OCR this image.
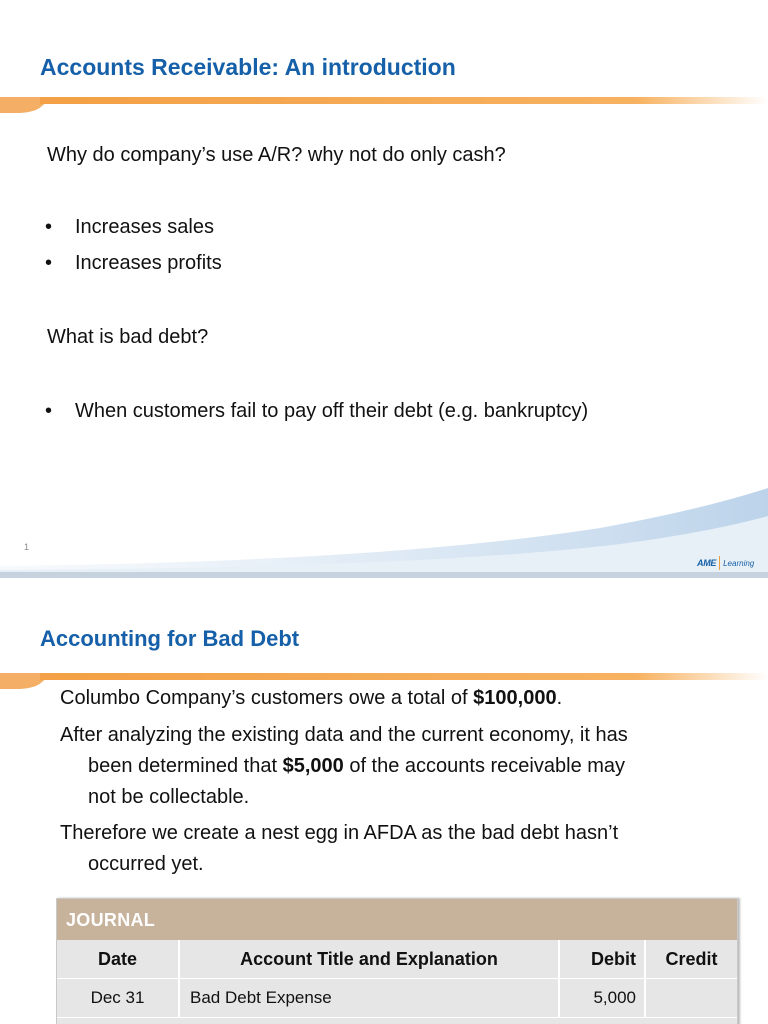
Accounts Receivable: An introduction

Why do company’s use A/R? why not do only cash?

• Increases sales

• Increases profits

What is bad debt?

• When customers fail to pay off their debt (e.g. bankruptcy)

1
AME Learning
Accounting for Bad Debt

Columbo Company’s customers owe a total of $100,000.

After analyzing the existing data and the current economy, it has

been determined that $5,000 of the accounts receivable may

not be collectable.

Therefore we create a nest egg in AFDA as the bad debt hasn’t

occurred yet.

JOURNAL
Date	Account Title and Explanation	Debit	Credit
Dec 31	Bad Debt Expense	5,000
